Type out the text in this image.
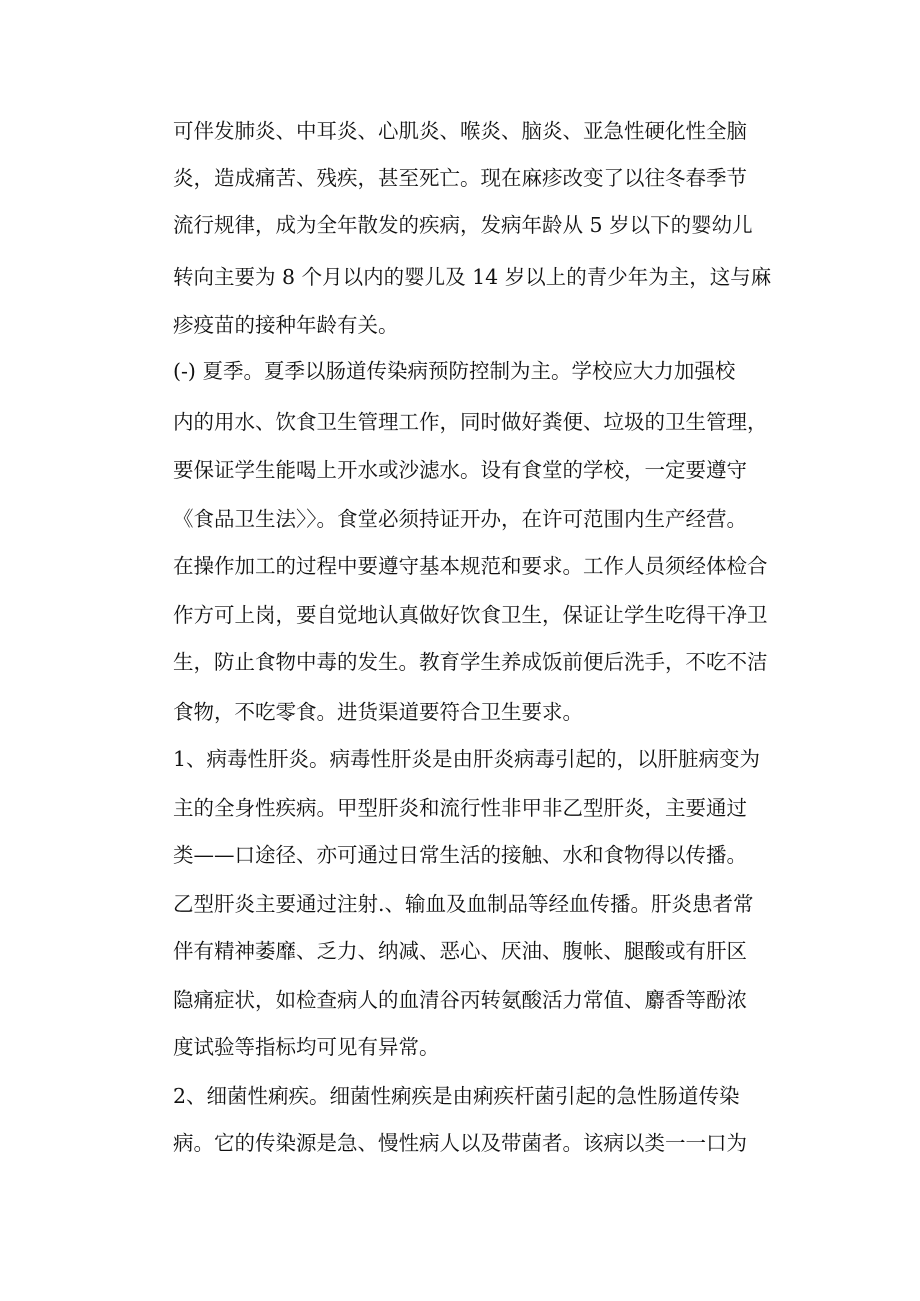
可伴发肺炎、中耳炎、心肌炎、喉炎、脑炎、亚急性硬化性全脑
炎，造成痛苦、残疾，甚至死亡。现在麻疹改变了以往冬春季节
流行规律，成为全年散发的疾病，发病年龄从 5 岁以下的婴幼儿
转向主要为 8 个月以内的婴儿及 14 岁以上的青少年为主，这与麻
疹疫苗的接种年龄有关。
(-) 夏季。夏季以肠道传染病预防控制为主。学校应大力加强校
内的用水、饮食卫生管理工作，同时做好粪便、垃圾的卫生管理，
要保证学生能喝上开水或沙滤水。设有食堂的学校，一定要遵守
《食品卫生法〉〉。食堂必须持证开办，在许可范围内生产经营。
在操作加工的过程中要遵守基本规范和要求。工作人员须经体检合
作方可上岗，要自觉地认真做好饮食卫生，保证让学生吃得干净卫
生，防止食物中毒的发生。教育学生养成饭前便后洗手，不吃不洁
食物，不吃零食。进货渠道要符合卫生要求。
1、病毒性肝炎。病毒性肝炎是由肝炎病毒引起的，以肝脏病变为
主的全身性疾病。甲型肝炎和流行性非甲非乙型肝炎，主要通过
类——口途径、亦可通过日常生活的接触、水和食物得以传播。
乙型肝炎主要通过注射.、输血及血制品等经血传播。肝炎患者常
伴有精神萎靡、乏力、纳减、恶心、厌油、腹帐、腿酸或有肝区
隐痛症状，如检查病人的血清谷丙转氨酸活力常值、麝香等酚浓
度试验等指标均可见有异常。
2、细菌性痢疾。细菌性痢疾是由痢疾杆菌引起的急性肠道传染
病。它的传染源是急、慢性病人以及带菌者。该病以类一一口为
